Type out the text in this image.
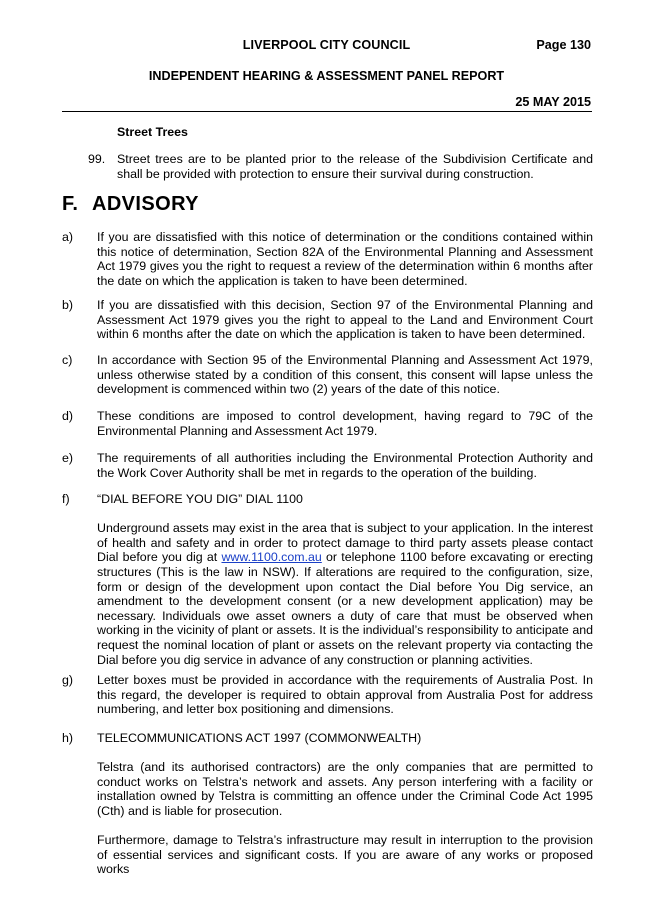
LIVERPOOL CITY COUNCIL	Page 130
INDEPENDENT HEARING & ASSESSMENT PANEL REPORT
25 MAY 2015
Street Trees
99. Street trees are to be planted prior to the release of the Subdivision Certificate and shall be provided with protection to ensure their survival during construction.
F. ADVISORY
a) If you are dissatisfied with this notice of determination or the conditions contained within this notice of determination, Section 82A of the Environmental Planning and Assessment Act 1979 gives you the right to request a review of the determination within 6 months after the date on which the application is taken to have been determined.

b) If you are dissatisfied with this decision, Section 97 of the Environmental Planning and Assessment Act 1979 gives you the right to appeal to the Land and Environment Court within 6 months after the date on which the application is taken to have been determined.

c) In accordance with Section 95 of the Environmental Planning and Assessment Act 1979, unless otherwise stated by a condition of this consent, this consent will lapse unless the development is commenced within two (2) years of the date of this notice.

d) These conditions are imposed to control development, having regard to 79C of the Environmental Planning and Assessment Act 1979.

e) The requirements of all authorities including the Environmental Protection Authority and the Work Cover Authority shall be met in regards to the operation of the building.

f) “DIAL BEFORE YOU DIG” DIAL 1100

Underground assets may exist in the area that is subject to your application. In the interest of health and safety and in order to protect damage to third party assets please contact Dial before you dig at www.1100.com.au or telephone 1100 before excavating or erecting structures (This is the law in NSW). If alterations are required to the configuration, size, form or design of the development upon contact the Dial before You Dig service, an amendment to the development consent (or a new development application) may be necessary. Individuals owe asset owners a duty of care that must be observed when working in the vicinity of plant or assets. It is the individual’s responsibility to anticipate and request the nominal location of plant or assets on the relevant property via contacting the Dial before you dig service in advance of any construction or planning activities.

g) Letter boxes must be provided in accordance with the requirements of Australia Post. In this regard, the developer is required to obtain approval from Australia Post for address numbering, and letter box positioning and dimensions.

h) TELECOMMUNICATIONS ACT 1997 (COMMONWEALTH)

Telstra (and its authorised contractors) are the only companies that are permitted to conduct works on Telstra’s network and assets. Any person interfering with a facility or installation owned by Telstra is committing an offence under the Criminal Code Act 1995 (Cth) and is liable for prosecution.

Furthermore, damage to Telstra’s infrastructure may result in interruption to the provision of essential services and significant costs. If you are aware of any works or proposed works
